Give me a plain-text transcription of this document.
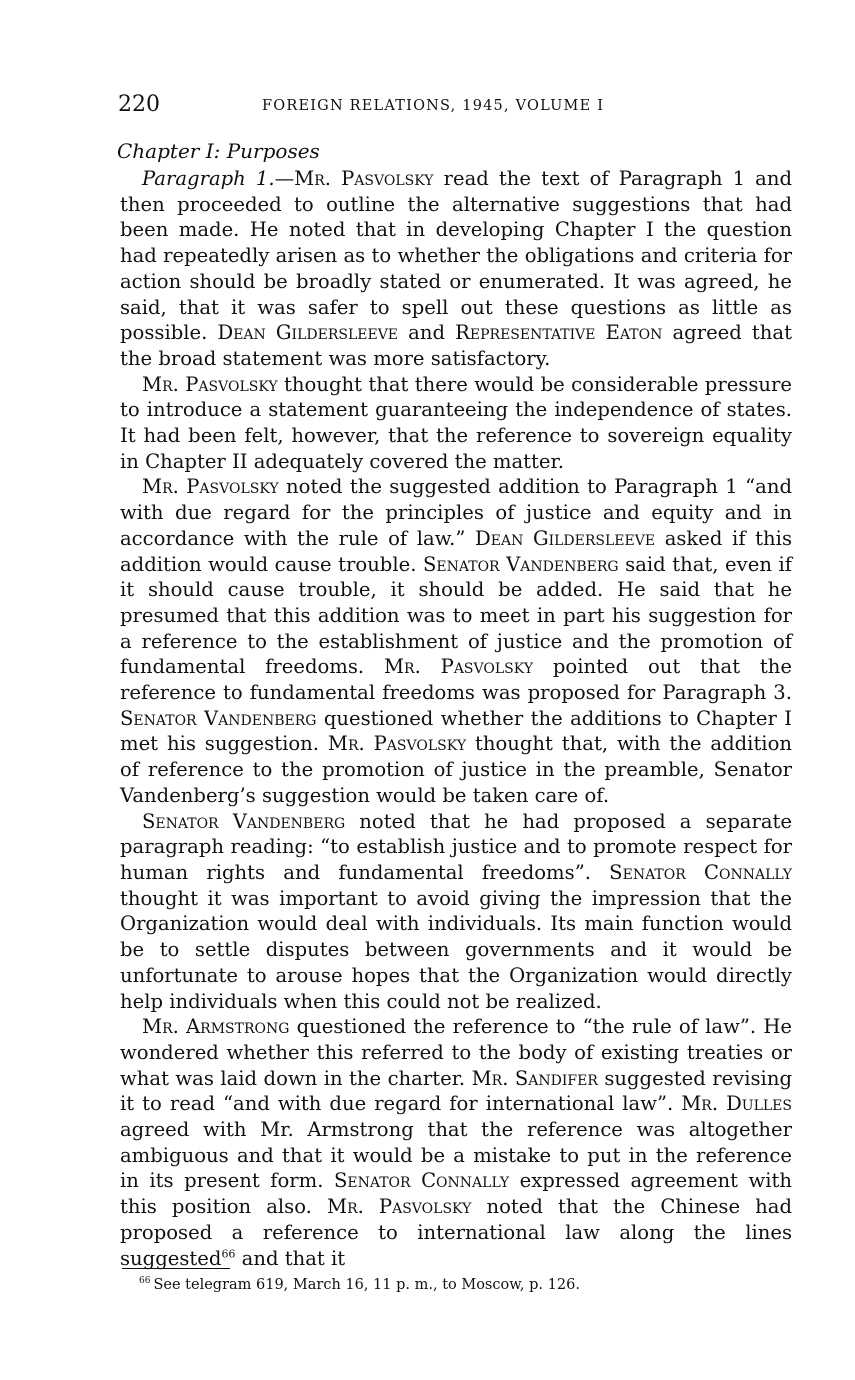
220	FOREIGN RELATIONS, 1945, VOLUME I
Chapter I: Purposes

Paragraph 1.—Mr. Pasvolsky read the text of Paragraph 1 and then proceeded to outline the alternative suggestions that had been made. He noted that in developing Chapter I the question had repeatedly arisen as to whether the obligations and criteria for action should be broadly stated or enumerated. It was agreed, he said, that it was safer to spell out these questions as little as possible. Dean Gildersleeve and Representative Eaton agreed that the broad statement was more satisfactory.

Mr. Pasvolsky thought that there would be considerable pressure to introduce a statement guaranteeing the independence of states. It had been felt, however, that the reference to sovereign equality in Chapter II adequately covered the matter.

Mr. Pasvolsky noted the suggested addition to Paragraph 1 “and with due regard for the principles of justice and equity and in accordance with the rule of law.” Dean Gildersleeve asked if this addition would cause trouble. Senator Vandenberg said that, even if it should cause trouble, it should be added. He said that he presumed that this addition was to meet in part his suggestion for a reference to the establishment of justice and the promotion of fundamental freedoms. Mr. Pasvolsky pointed out that the reference to fundamental freedoms was proposed for Paragraph 3. Senator Vandenberg questioned whether the additions to Chapter I met his suggestion. Mr. Pasvolsky thought that, with the addition of reference to the promotion of justice in the preamble, Senator Vandenberg’s suggestion would be taken care of.

Senator Vandenberg noted that he had proposed a separate paragraph reading: “to establish justice and to promote respect for human rights and fundamental freedoms”. Senator Connally thought it was important to avoid giving the impression that the Organization would deal with individuals. Its main function would be to settle disputes between governments and it would be unfortunate to arouse hopes that the Organization would directly help individuals when this could not be realized.

Mr. Armstrong questioned the reference to “the rule of law”. He wondered whether this referred to the body of existing treaties or what was laid down in the charter. Mr. Sandifer suggested revising it to read “and with due regard for international law”. Mr. Dulles agreed with Mr. Armstrong that the reference was altogether ambiguous and that it would be a mistake to put in the reference in its present form. Senator Connally expressed agreement with this position also. Mr. Pasvolsky noted that the Chinese had proposed a reference to international law along the lines suggested$^{66}$ and that it

$^{66}$ See telegram 619, March 16, 11 p. m., to Moscow, p. 126.
